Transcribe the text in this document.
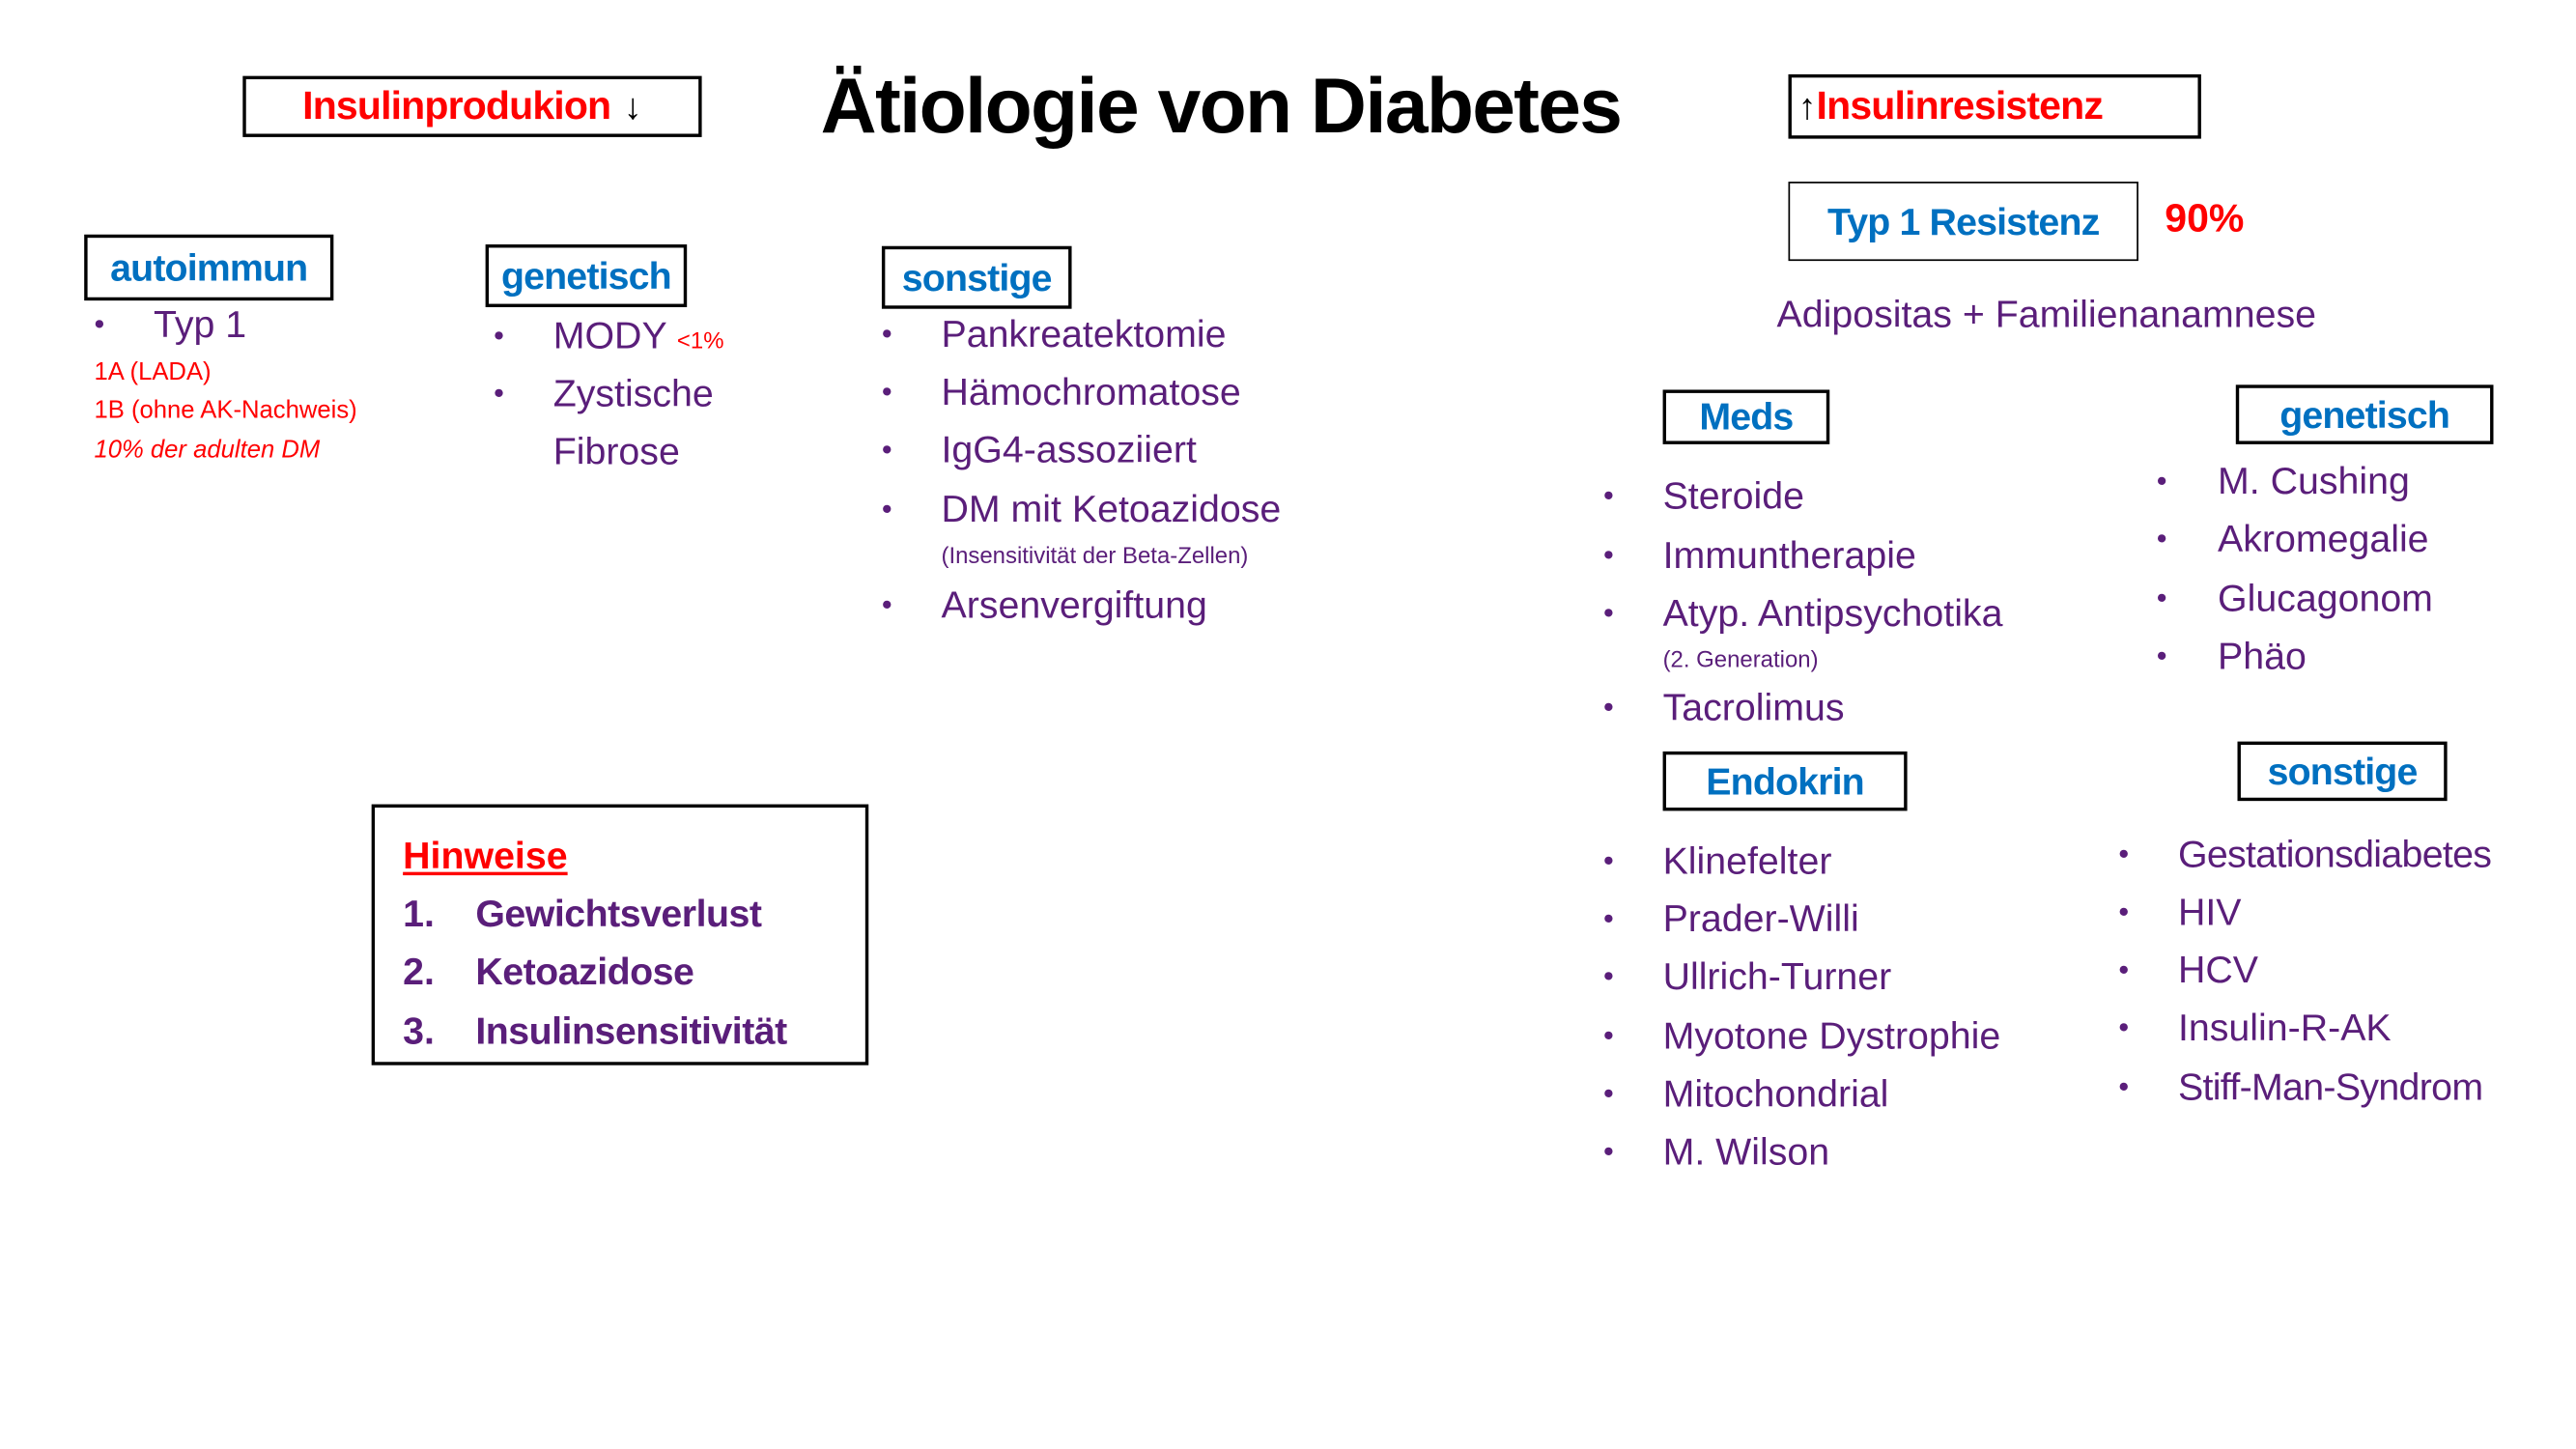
Ätiologie von Diabetes
Insulinprodukion ↓	↑ Insulinresistenz
autoimmun
• Typ 1
1A (LADA)
1B (ohne AK-Nachweis)
10% der adulten DM
genetisch
• MODY <1%
• Zystische
Fibrose
sonstige
• Pankreatektomie
• Hämochromatose
• IgG4-assoziiert
• DM mit Ketoazidose
(Insensitivität der Beta-Zellen)
• Arsenvergiftung
Hinweise
1. Gewichtsverlust
2. Ketoazidose
3. Insulinsensitivität
Typ 1 Resistenz	90%
Adipositas + Familienanamnese
Meds
• Steroide
• Immuntherapie
• Atyp. Antipsychotika
(2. Generation)
• Tacrolimus
genetisch
• M. Cushing
• Akromegalie
• Glucagonom
• Phäo
Endokrin
• Klinefelter
• Prader-Willi
• Ullrich-Turner
• Myotone Dystrophie
• Mitochondrial
• M. Wilson
sonstige
• Gestationsdiabetes
• HIV
• HCV
• Insulin-R-AK
• Stiff-Man-Syndrom
